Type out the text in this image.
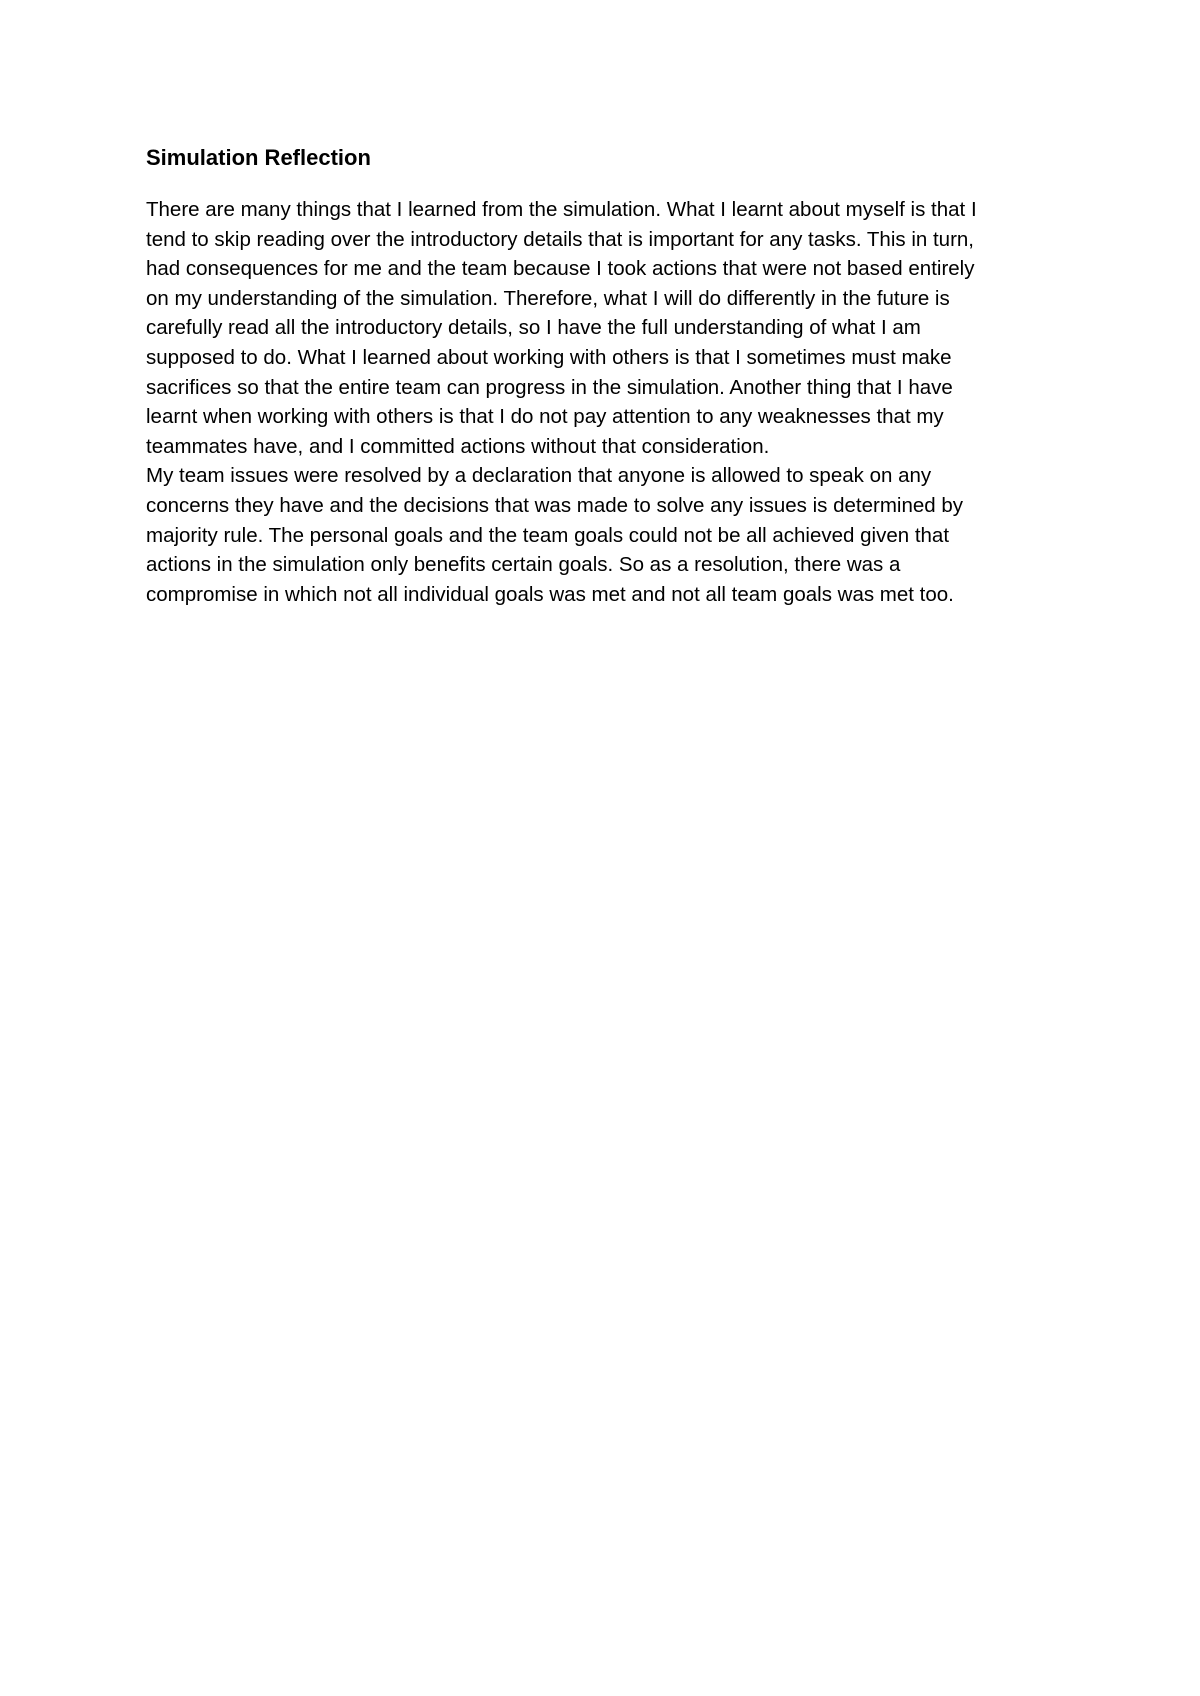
Simulation Reflection
There are many things that I learned from the simulation. What I learnt about myself is that I
tend to skip reading over the introductory details that is important for any tasks. This in turn,
had consequences for me and the team because I took actions that were not based entirely
on my understanding of the simulation. Therefore, what I will do differently in the future is
carefully read all the introductory details, so I have the full understanding of what I am
supposed to do. What I learned about working with others is that I sometimes must make
sacrifices so that the entire team can progress in the simulation. Another thing that I have
learnt when working with others is that I do not pay attention to any weaknesses that my
teammates have, and I committed actions without that consideration.
My team issues were resolved by a declaration that anyone is allowed to speak on any
concerns they have and the decisions that was made to solve any issues is determined by
majority rule. The personal goals and the team goals could not be all achieved given that
actions in the simulation only benefits certain goals. So as a resolution, there was a
compromise in which not all individual goals was met and not all team goals was met too.
